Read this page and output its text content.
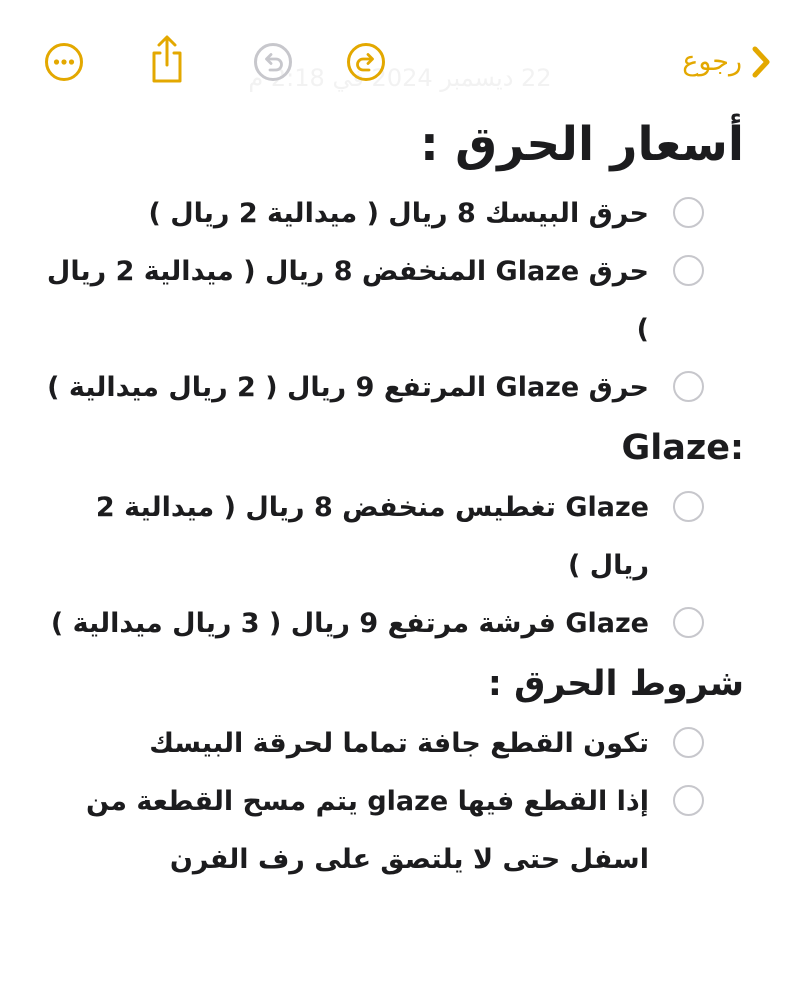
22 ديسمبر 2024 في 2:18 م
رجوع
أسعار الحرق :
حرق البيسك 8 ريال ( ميدالية 2 ريال )
حرق Glaze المنخفض 8 ريال ( ميدالية 2 ريال )
حرق Glaze المرتفع 9 ريال ( 2 ريال ميدالية )
:Glaze
Glaze تغطيس منخفض 8 ريال ( ميدالية 2 ريال )
Glaze فرشة مرتفع 9 ريال ( 3 ريال ميدالية )
شروط الحرق :
تكون القطع جافة تماما لحرقة البيسك
إذا القطع فيها glaze يتم مسح القطعة من اسفل حتى لا يلتصق على رف الفرن
